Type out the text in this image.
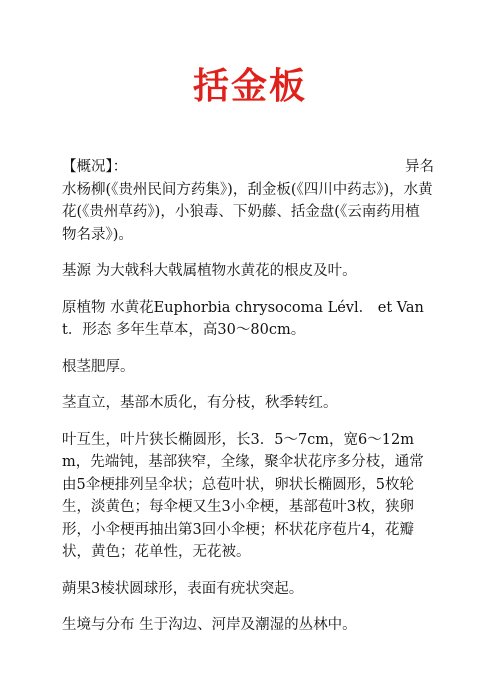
括金板
【概况】：	异名
水杨柳(《贵州民间方药集》)，刮金板(《四川中药志》)，水黄花(《贵州草药》)，小狼毒、下奶藤、括金盘(《云南药用植物名录》)。

基源 为大戟科大戟属植物水黄花的根皮及叶。

原植物 水黄花Euphorbia chrysocoma Lévl． et Vant．形态 多年生草本，高30～80cm。

根茎肥厚。

茎直立，基部木质化，有分枝，秋季转红。

叶互生，叶片狭长椭圆形，长3．5～7cm，宽6～12mm，先端钝，基部狭窄，全缘，聚伞状花序多分枝，通常由5伞梗排列呈伞状；总苞叶状，卵状长椭圆形，5枚轮生，淡黄色；每伞梗又生3小伞梗，基部苞叶3枚，狭卵形，小伞梗再抽出第3回小伞梗；杯状花序苞片4，花瓣状，黄色；花单性，无花被。

蒴果3棱状圆球形，表面有疣状突起。

生境与分布 生于沟边、河岸及潮湿的丛林中。
